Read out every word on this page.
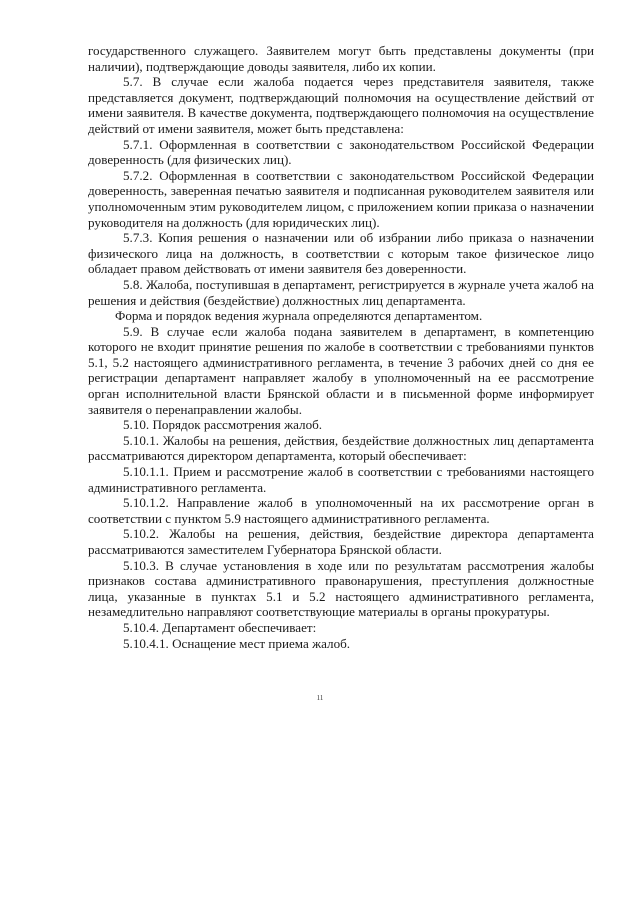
государственного служащего. Заявителем могут быть представлены документы (при наличии), подтверждающие доводы заявителя, либо их копии.

5.7. В случае если жалоба подается через представителя заявителя, также представляется документ, подтверждающий полномочия на осуществление действий от имени заявителя. В качестве документа, подтверждающего полномочия на осуществление действий от имени заявителя, может быть представлена:

5.7.1. Оформленная в соответствии с законодательством Российской Федерации доверенность (для физических лиц).

5.7.2. Оформленная в соответствии с законодательством Российской Федерации доверенность, заверенная печатью заявителя и подписанная руководителем заявителя или уполномоченным этим руководителем лицом, с приложением копии приказа о назначении руководителя на должность (для юридических лиц).

5.7.3. Копия решения о назначении или об избрании либо приказа о назначении физического лица на должность, в соответствии с которым такое физическое лицо обладает правом действовать от имени заявителя без доверенности.

5.8. Жалоба, поступившая в департамент, регистрируется в журнале учета жалоб на решения и действия (бездействие) должностных лиц департамента.

Форма и порядок ведения журнала определяются департаментом.

5.9. В случае если жалоба подана заявителем в департамент, в компетенцию которого не входит принятие решения по жалобе в соответствии с требованиями пунктов 5.1, 5.2 настоящего административного регламента, в течение 3 рабочих дней со дня ее регистрации департамент направляет жалобу в уполномоченный на ее рассмотрение орган исполнительной власти Брянской области и в письменной форме информирует заявителя о перенаправлении жалобы.

5.10. Порядок рассмотрения жалоб.

5.10.1. Жалобы на решения, действия, бездействие должностных лиц департамента рассматриваются директором департамента, который обеспечивает:

5.10.1.1. Прием и рассмотрение жалоб в соответствии с требованиями настоящего административного регламента.

5.10.1.2. Направление жалоб в уполномоченный на их рассмотрение орган в соответствии с пунктом 5.9 настоящего административного регламента.

5.10.2. Жалобы на решения, действия, бездействие директора департамента рассматриваются заместителем Губернатора Брянской области.

5.10.3. В случае установления в ходе или по результатам рассмотрения жалобы признаков состава административного правонарушения, преступления должностные лица, указанные в пунктах 5.1 и 5.2 настоящего административного регламента, незамедлительно направляют соответствующие материалы в органы прокуратуры.

5.10.4. Департамент обеспечивает:

5.10.4.1. Оснащение мест приема жалоб.

11
